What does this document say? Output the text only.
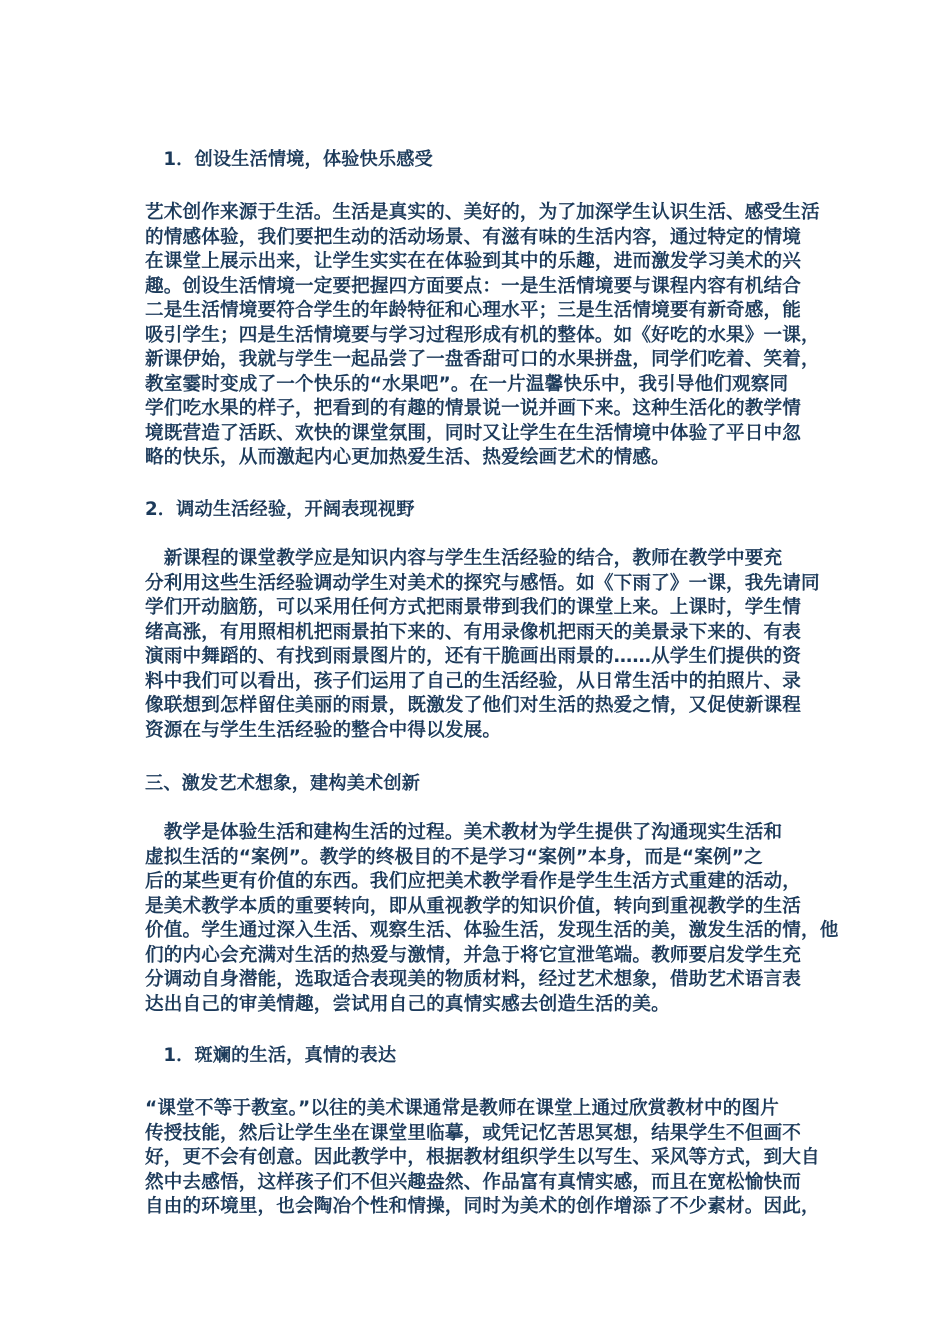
　1．创设生活情境，体验快乐感受
艺术创作来源于生活。生活是真实的、美好的，为了加深学生认识生活、感受生活
的情感体验，我们要把生动的活动场景、有滋有味的生活内容，通过特定的情境
在课堂上展示出来，让学生实实在在体验到其中的乐趣，进而激发学习美术的兴
趣。创设生活情境一定要把握四方面要点：一是生活情境要与课程内容有机结合
二是生活情境要符合学生的年龄特征和心理水平；三是生活情境要有新奇感，能
吸引学生；四是生活情境要与学习过程形成有机的整体。如《好吃的水果》一课，
新课伊始，我就与学生一起品尝了一盘香甜可口的水果拼盘，同学们吃着、笑着，
教室霎时变成了一个快乐的“水果吧”。在一片温馨快乐中，我引导他们观察同
学们吃水果的样子，把看到的有趣的情景说一说并画下来。这种生活化的教学情
境既营造了活跃、欢快的课堂氛围，同时又让学生在生活情境中体验了平日中忽
略的快乐，从而激起内心更加热爱生活、热爱绘画艺术的情感。
2．调动生活经验，开阔表现视野
　新课程的课堂教学应是知识内容与学生生活经验的结合，教师在教学中要充
分利用这些生活经验调动学生对美术的探究与感悟。如《下雨了》一课，我先请同
学们开动脑筋，可以采用任何方式把雨景带到我们的课堂上来。上课时，学生情
绪高涨，有用照相机把雨景拍下来的、有用录像机把雨天的美景录下来的、有表
演雨中舞蹈的、有找到雨景图片的，还有干脆画出雨景的……从学生们提供的资
料中我们可以看出，孩子们运用了自己的生活经验，从日常生活中的拍照片、录
像联想到怎样留住美丽的雨景，既激发了他们对生活的热爱之情，又促使新课程
资源在与学生生活经验的整合中得以发展。
三、激发艺术想象，建构美术创新
　教学是体验生活和建构生活的过程。美术教材为学生提供了沟通现实生活和
虚拟生活的“案例”。教学的终极目的不是学习“案例”本身，而是“案例”之
后的某些更有价值的东西。我们应把美术教学看作是学生生活方式重建的活动，
是美术教学本质的重要转向，即从重视教学的知识价值，转向到重视教学的生活
价值。学生通过深入生活、观察生活、体验生活，发现生活的美，激发生活的情，他
们的内心会充满对生活的热爱与激情，并急于将它宣泄笔端。教师要启发学生充
分调动自身潜能，选取适合表现美的物质材料，经过艺术想象，借助艺术语言表
达出自己的审美情趣，尝试用自己的真情实感去创造生活的美。
　1．斑斓的生活，真情的表达
“课堂不等于教室。”以往的美术课通常是教师在课堂上通过欣赏教材中的图片
传授技能，然后让学生坐在课堂里临摹，或凭记忆苦思冥想，结果学生不但画不
好，更不会有创意。因此教学中，根据教材组织学生以写生、采风等方式，到大自
然中去感悟，这样孩子们不但兴趣盎然、作品富有真情实感，而且在宽松愉快而
自由的环境里，也会陶冶个性和情操，同时为美术的创作增添了不少素材。因此，
